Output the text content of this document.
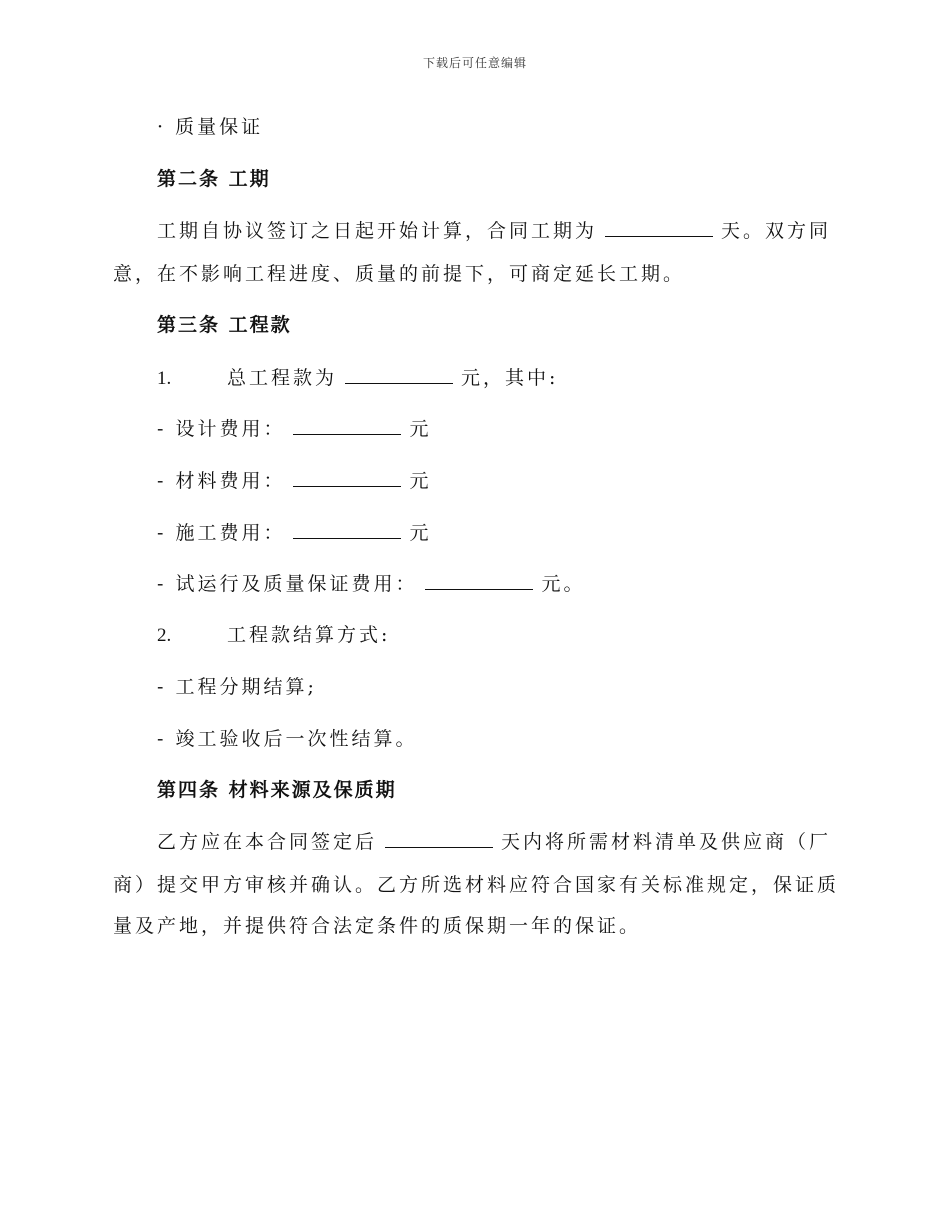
下载后可任意编辑
· 质量保证
第二条 工期
工期自协议签订之日起开始计算，合同工期为	天。双方同
意，在不影响工程进度、质量的前提下，可商定延长工期。
第三条 工程款
1.	总工程款为	元，其中:
- 设计费用：	元
- 材料费用：	元
- 施工费用：	元
- 试运行及质量保证费用：	元。
2.	工程款结算方式:
- 工程分期结算;
- 竣工验收后一次性结算。
第四条 材料来源及保质期
乙方应在本合同签定后	天内将所需材料清单及供应商（厂
商）提交甲方审核并确认。乙方所选材料应符合国家有关标准规定，保证质
量及产地，并提供符合法定条件的质保期一年的保证。
